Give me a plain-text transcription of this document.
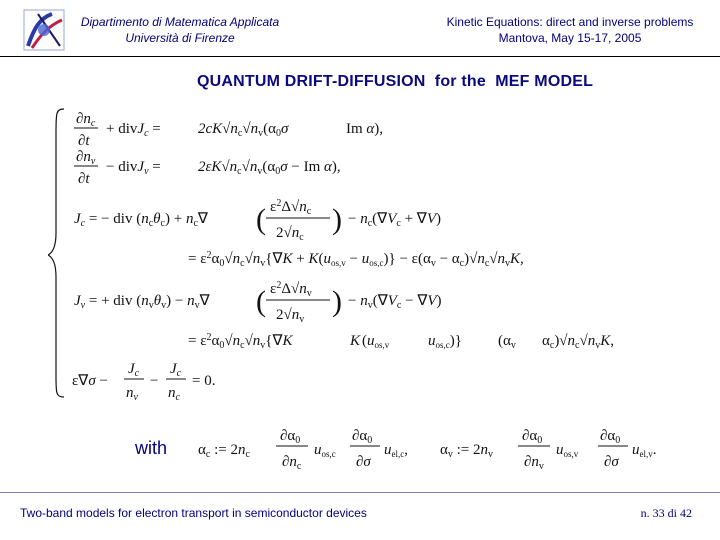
Dipartimento di Matematica Applicata
Università di Firenze
Kinetic Equations: direct and inverse problems
Mantova, May 15-17, 2005
QUANTUM DRIFT-DIFFUSION  for the  MEF MODEL
$\partial n_c$
∂t
+ divJ$_c$ = $2cK√n_c√n_v(\alpha_0\sigma$	Im α),
$\partial n_v$
∂t
− divJ$_v$ = $2\varepsilon K√n_c√n_v(\alpha_0\sigma - Im$ α),
$J_c$ = − div $(n_c\theta_c) + n_c\nabla$
$\varepsilon^2\Delta√n_c$
$2√n_c$
( ) − $n_c(\nabla V_c + \nabla V)$
= $\varepsilon^2\alpha_0√n_c√n_v\{\nabla K + K(u_{os,v} - u_{os,c})\} - \varepsilon(\alpha_v - \alpha_c)√n_c√n_vK$,
$J_v$ = + div $(n_v\theta_v) - n_v\nabla$
$\varepsilon^2\Delta√n_v$
$2√n_v$
( ) − $n_v(\nabla V_c - \nabla V)$
= $\varepsilon^2\alpha_0√n_c√n_v\{\nabla K$	K ($u_{os,v}$	$u_{os,c}$)} ($\alpha_v$ $\alpha_c)√n_c√n_vK$,
ε∇σ −
$J_c$
$n_v$
−
$J_c$
$n_c$
= 0.
with $\alpha_c$ := $2n_c$
$\partial\alpha_0$
$\partial n_c$
$u_{os,c}$
$\partial\alpha_0$
∂σ
$u_{el,c}$, $\alpha_v$ := $2n_v$
$\partial\alpha_0$
$\partial n_v$
$u_{os,v}$
$\partial\alpha_0$
∂σ
$u_{el,v}$.
Two-band models for electron transport in semiconductor devices	n. 33 di 42
